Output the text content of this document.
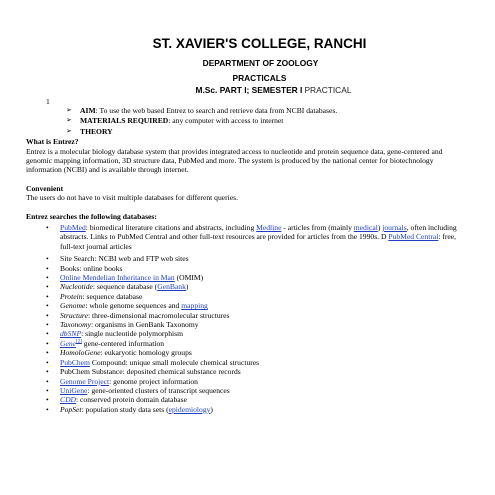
ST. XAVIER'S COLLEGE, RANCHI
DEPARTMENT OF ZOOLOGY
PRACTICALS
M.Sc. PART I; SEMESTER I PRACTICAL
1
➢ AIM: To use the web based Entrez to search and retrieve data from NCBI databases.
➢ MATERIALS REQUIRED: any computer with access to internet
➢ THEORY
What is Entrez?

Entrez is a molecular biology database system that provides integrated access to nucleotide and protein sequence data, gene-centered and genomic mapping information, 3D structure data, PubMed and more. The system is produced by the national center for biotechnology information (NCBI) and is available through internet.

Convenient

The users do not have to visit multiple databases for different queries.

Entrez searches the following databases:
• PubMed: biomedical literature citations and abstracts, including Medline - articles from (mainly medical) journals, often including abstracts. Links to PubMed Central and other full-text resources are provided for articles from the 1990s. D PubMed Central: free, full-text journal articles
• Site Search: NCBI web and FTP web sites
• Books: online books
• Online Mendelian Inheritance in Man (OMIM)
• Nucleotide: sequence database (GenBank)
• Protein: sequence database
• Genome: whole genome sequences and mapping
• Structure: three-dimensional macromolecular structures
• Taxonomy: organisms in GenBank Taxonomy
• dbSNP: single nucleotide polymorphism
• Gene[2] gene-centered information
• HomoloGene: eukaryotic homology groups
• PubChem Compound: unique small molecule chemical structures
• PubChem Substance: deposited chemical substance records
• Genome Project: genome project information
• UniGene: gene-oriented clusters of transcript sequences
• CDD: conserved protein domain database
• PopSet: population study data sets (epidemiology)
